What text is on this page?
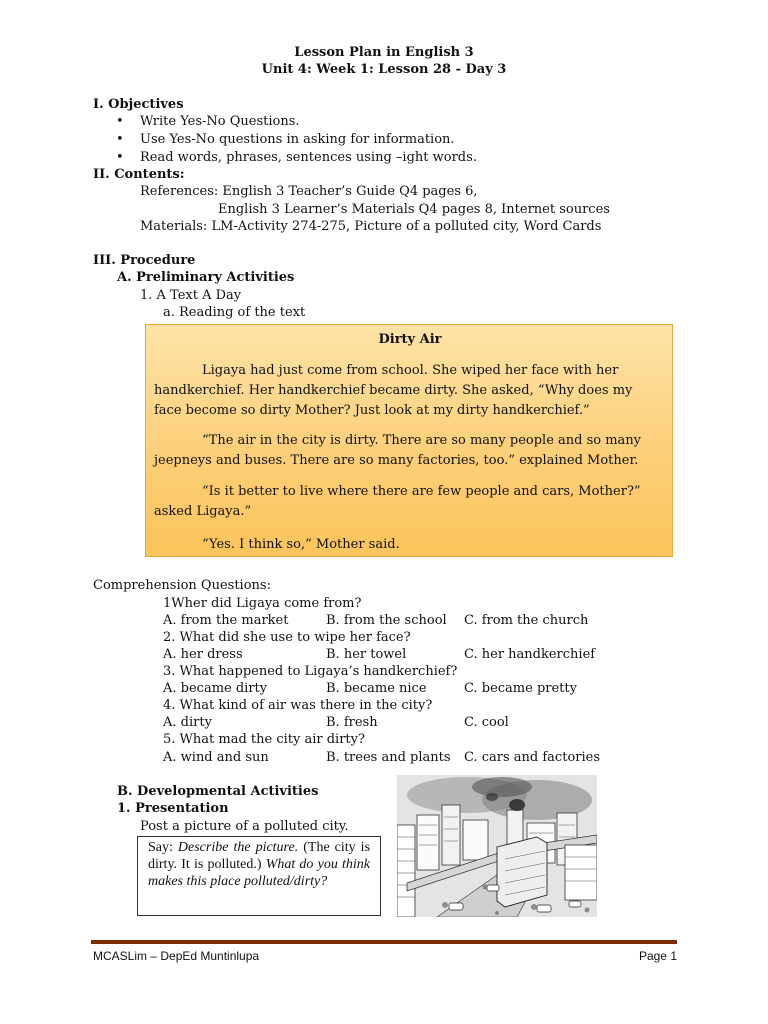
Lesson Plan in English 3
Unit 4: Week 1: Lesson 28 - Day 3
I. Objectives
• Write Yes-No Questions.
• Use Yes-No questions in asking for information.
• Read words, phrases, sentences using –ight words.
II. Contents:
References: English 3 Teacher’s Guide Q4 pages 6,
English 3 Learner’s Materials Q4 pages 8, Internet sources
Materials: LM-Activity 274-275, Picture of a polluted city, Word Cards
III. Procedure
A. Preliminary Activities
1. A Text A Day
a. Reading of the text
Dirty Air
Ligaya had just come from school. She wiped her face with her handkerchief. Her handkerchief became dirty. She asked, “Why does my face become so dirty Mother? Just look at my dirty handkerchief.”
“The air in the city is dirty. There are so many people and so many jeepneys and buses. There are so many factories, too.” explained Mother.
“Is it better to live where there are few people and cars, Mother?” asked Ligaya.”
“Yes. I think so,” Mother said.
Comprehension Questions:
1Wher did Ligaya come from?
A. from the market	B. from the school C. from the church
2. What did she use to wipe her face?
A. her dress	B. her towel	C. her handkerchief
3. What happened to Ligaya’s handkerchief?
A. became dirty	B. became nice	C. became pretty
4. What kind of air was there in the city?
A. dirty	B. fresh	C. cool
5. What mad the city air dirty?
A. wind and sun	B. trees and plants C. cars and factories
B. Developmental Activities
1. Presentation
Post a picture of a polluted city.
Say: Describe the picture. (The city is dirty. It is polluted.) What do you think makes this place polluted/dirty?
MCASLim – DepEd Muntinlupa	Page 1
